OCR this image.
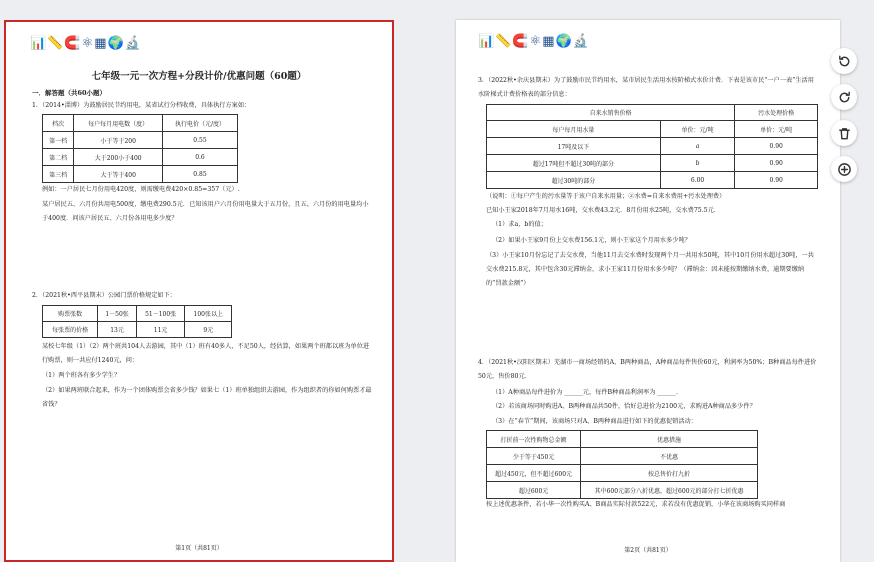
📊📏🧲⚛▦🌍🔬
七年级一元一次方程+分段计价/优惠问题（60题）
一．解答题（共60小题）
1．（2014•淄博）为鼓励居民节约用电，某省试行分档收费，具体执行方案如：
档次	每户每月用电数（度）	执行电价（元/度）
第一档	小于等于200	0.55
第二档	大于200小于400	0.6
第三档	大于等于400	0.85
例如：一户居民七月份用电420度，则需缴电费420×0.85=357（元）.
某户居民五、六月份共用电500度，缴电费290.5元．已知该用户六月份用电量大于五月份，且五、六月份的用电量均小于400度．问该户居民五、六月份各用电多少度？
2．（2021秋•西平县期末）公园门票价格规定如下：
购票张数	1－50张	51－100张	100张以上
每张票的价格	13元	11元	9元
某校七年级（1）（2）两个班共104人去游园，其中（1）班有40多人，不足50人，经估算，如果两个班都以班为单位进行购票，则一共应付1240元，问：
（1）两个班各有多少学生？
（2）如果两班联合起来，作为一个团体购票会省多少钱？如果七（1）班单独组织去游园，作为组织者的你如何购票才最省钱？
第1页（共81页）
📊📏🧲⚛▦🌍🔬
3．（2022秋•余庆县期末）为了鼓励市民节约用水，某市居民生活用水按阶梯式水价计费．下表是该市民“一户一表”生活用水阶梯式计费价格表的部分信息：
自来水销售价格		污水处理价格
每户每月用水量	单价：元/吨	单价：元/吨
17吨及以下	a	0.90
超过17吨但不超过30吨的部分	b	0.90
超过30吨的部分	6.00	0.90
（说明：①每户产生的污水量等于该户自来水用量；②水费=自来水费用+污水处理费）
已知小王家2018年7月用水16吨，交水费43.2元．8月份用水25吨，交水费75.5元．
（1）求a、b的值；
（2）如果小王家9月份上交水费156.1元，则小王家这个月用水多少吨？
（3）小王家10月份忘记了去交水费，当他11月去交水费时发现两个月一共用水50吨，其中10月份用水超过30吨，一共交水费215.8元，其中包含30元滞纳金，求小王家11月份用水多少吨？（滞纳金：因未能按期缴纳水费，逾期要缴纳的“罚款金额”）
4．（2021秋•汉阳区期末）芜湖市一商场经销的A、B两种商品，A种商品每件售价60元，利润率为50%；B种商品每件进价50元，售价80元．
（1）A种商品每件进价为 ______元，每件B种商品利润率为 ______.
（2）若该商场同时购进A、B两种商品共50件，恰好总进价为2100元，求购进A种商品多少件？
（3）在“春节”期间，该商场只对A、B两种商品进行如下的优惠促销活动：
打折前一次性购物总金额	优惠措施
少于等于450元	不优惠
超过450元，但不超过600元	按总售价打九折
超过600元	其中600元部分八折优惠，超过600元的部分打七折优惠
按上述优惠条件，若小华一次性购买A、B商品实际付款522元，求若没有优惠促销，小华在该商场购买同样商
第2页（共81页）
